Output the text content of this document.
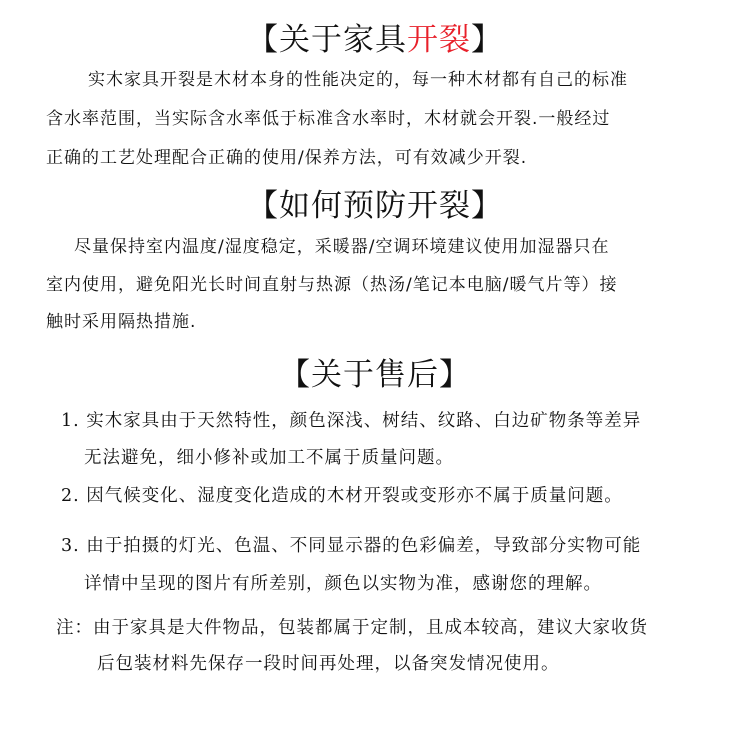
【关于家具开裂】
实木家具开裂是木材本身的性能决定的，每一种木材都有自己的标准
含水率范围，当实际含水率低于标准含水率时，木材就会开裂.一般经过
正确的工艺处理配合正确的使用/保养方法，可有效减少开裂.
【如何预防开裂】
尽量保持室内温度/湿度稳定，采暖器/空调环境建议使用加湿器只在
室内使用，避免阳光长时间直射与热源（热汤/笔记本电脑/暖气片等）接
触时采用隔热措施.
【关于售后】
1. 实木家具由于天然特性，颜色深浅、树结、纹路、白边矿物条等差异
无法避免，细小修补或加工不属于质量问题。
2. 因气候变化、湿度变化造成的木材开裂或变形亦不属于质量问题。
3. 由于拍摄的灯光、色温、不同显示器的色彩偏差，导致部分实物可能
详情中呈现的图片有所差别，颜色以实物为准，感谢您的理解。
注：由于家具是大件物品，包装都属于定制，且成本较高，建议大家收货
后包装材料先保存一段时间再处理，以备突发情况使用。
